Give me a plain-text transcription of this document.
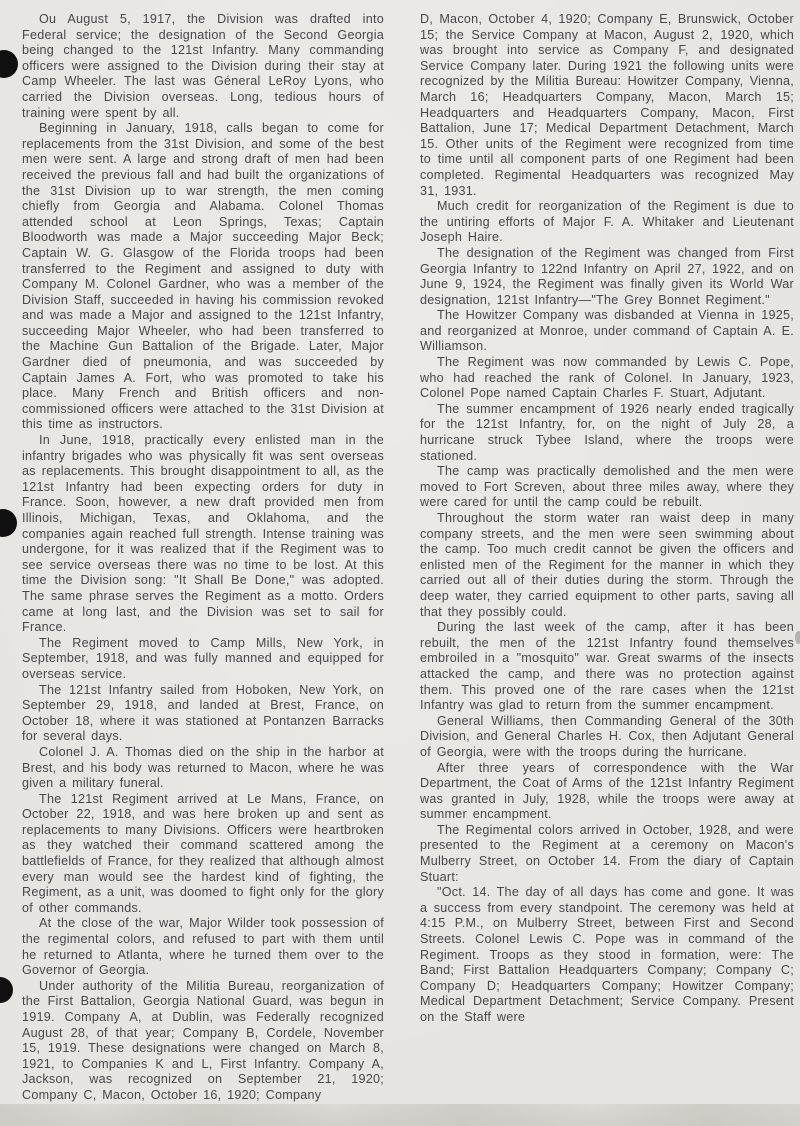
Ou August 5, 1917, the Division was drafted into Federal service; the designation of the Second Georgia being changed to the 121st Infantry. Many commanding officers were assigned to the Division during their stay at Camp Wheeler. The last was Géneral LeRoy Lyons, who carried the Division overseas. Long, tedious hours of training were spent by all.

Beginning in January, 1918, calls began to come for replacements from the 31st Division, and some of the best men were sent. A large and strong draft of men had been received the previous fall and had built the organizations of the 31st Division up to war strength, the men coming chiefly from Georgia and Alabama. Colonel Thomas attended school at Leon Springs, Texas; Captain Bloodworth was made a Major succeeding Major Beck; Captain W. G. Glasgow of the Florida troops had been transferred to the Regiment and assigned to duty with Company M. Colonel Gardner, who was a member of the Division Staff, succeeded in having his commission revoked and was made a Major and assigned to the 121st Infantry, succeeding Major Wheeler, who had been transferred to the Machine Gun Battalion of the Brigade. Later, Major Gardner died of pneumonia, and was succeeded by Captain James A. Fort, who was promoted to take his place. Many French and British officers and non-commissioned officers were attached to the 31st Division at this time as instructors.

In June, 1918, practically every enlisted man in the infantry brigades who was physically fit was sent overseas as replacements. This brought disappointment to all, as the 121st Infantry had been expecting orders for duty in France. Soon, however, a new draft provided men from Illinois, Michigan, Texas, and Oklahoma, and the companies again reached full strength. Intense training was undergone, for it was realized that if the Regiment was to see service overseas there was no time to be lost. At this time the Division song: "It Shall Be Done," was adopted. The same phrase serves the Regiment as a motto. Orders came at long last, and the Division was set to sail for France.

The Regiment moved to Camp Mills, New York, in September, 1918, and was fully manned and equipped for overseas service.

The 121st Infantry sailed from Hoboken, New York, on September 29, 1918, and landed at Brest, France, on October 18, where it was stationed at Pontanzen Barracks for several days.

Colonel J. A. Thomas died on the ship in the harbor at Brest, and his body was returned to Macon, where he was given a military funeral.

The 121st Regiment arrived at Le Mans, France, on October 22, 1918, and was here broken up and sent as replacements to many Divisions. Officers were heartbroken as they watched their command scattered among the battlefields of France, for they realized that although almost every man would see the hardest kind of fighting, the Regiment, as a unit, was doomed to fight only for the glory of other commands.

At the close of the war, Major Wilder took possession of the regimental colors, and refused to part with them until he returned to Atlanta, where he turned them over to the Governor of Georgia.

Under authority of the Militia Bureau, reorganization of the First Battalion, Georgia National Guard, was begun in 1919. Company A, at Dublin, was Federally recognized August 28, of that year; Company B, Cordele, November 15, 1919. These designations were changed on March 8, 1921, to Companies K and L, First Infantry. Company A, Jackson, was recognized on September 21, 1920; Company C, Macon, October 16, 1920; Company

D, Macon, October 4, 1920; Company E, Brunswick, October 15; the Service Company at Macon, August 2, 1920, which was brought into service as Company F, and designated Service Company later. During 1921 the following units were recognized by the Militia Bureau: Howitzer Company, Vienna, March 16; Headquarters Company, Macon, March 15; Headquarters and Headquarters Company, Macon, First Battalion, June 17; Medical Department Detachment, March 15. Other units of the Regiment were recognized from time to time until all component parts of one Regiment had been completed. Regimental Headquarters was recognized May 31, 1931.

Much credit for reorganization of the Regiment is due to the untiring efforts of Major F. A. Whitaker and Lieutenant Joseph Haire.

The designation of the Regiment was changed from First Georgia Infantry to 122nd Infantry on April 27, 1922, and on June 9, 1924, the Regiment was finally given its World War designation, 121st Infantry—"The Grey Bonnet Regiment."

The Howitzer Company was disbanded at Vienna in 1925, and reorganized at Monroe, under command of Captain A. E. Williamson.

The Regiment was now commanded by Lewis C. Pope, who had reached the rank of Colonel. In January, 1923, Colonel Pope named Captain Charles F. Stuart, Adjutant.

The summer encampment of 1926 nearly ended tragically for the 121st Infantry, for, on the night of July 28, a hurricane struck Tybee Island, where the troops were stationed.

The camp was practically demolished and the men were moved to Fort Screven, about three miles away, where they were cared for until the camp could be rebuilt.

Throughout the storm water ran waist deep in many company streets, and the men were seen swimming about the camp. Too much credit cannot be given the officers and enlisted men of the Regiment for the manner in which they carried out all of their duties during the storm. Through the deep water, they carried equipment to other parts, saving all that they possibly could.

During the last week of the camp, after it has been rebuilt, the men of the 121st Infantry found themselves embroiled in a "mosquito" war. Great swarms of the insects attacked the camp, and there was no protection against them. This proved one of the rare cases when the 121st Infantry was glad to return from the summer encampment.

General Williams, then Commanding General of the 30th Division, and General Charles H. Cox, then Adjutant General of Georgia, were with the troops during the hurricane.

After three years of correspondence with the War Department, the Coat of Arms of the 121st Infantry Regiment was granted in July, 1928, while the troops were away at summer encampment.

The Regimental colors arrived in October, 1928, and were presented to the Regiment at a ceremony on Macon's Mulberry Street, on October 14. From the diary of Captain Stuart:

"Oct. 14. The day of all days has come and gone. It was a success from every standpoint. The ceremony was held at 4:15 P.M., on Mulberry Street, between First and Second Streets. Colonel Lewis C. Pope was in command of the Regiment. Troops as they stood in formation, were: The Band; First Battalion Headquarters Company; Company C; Company D; Headquarters Company; Howitzer Company; Medical Department Detachment; Service Company. Present on the Staff were
